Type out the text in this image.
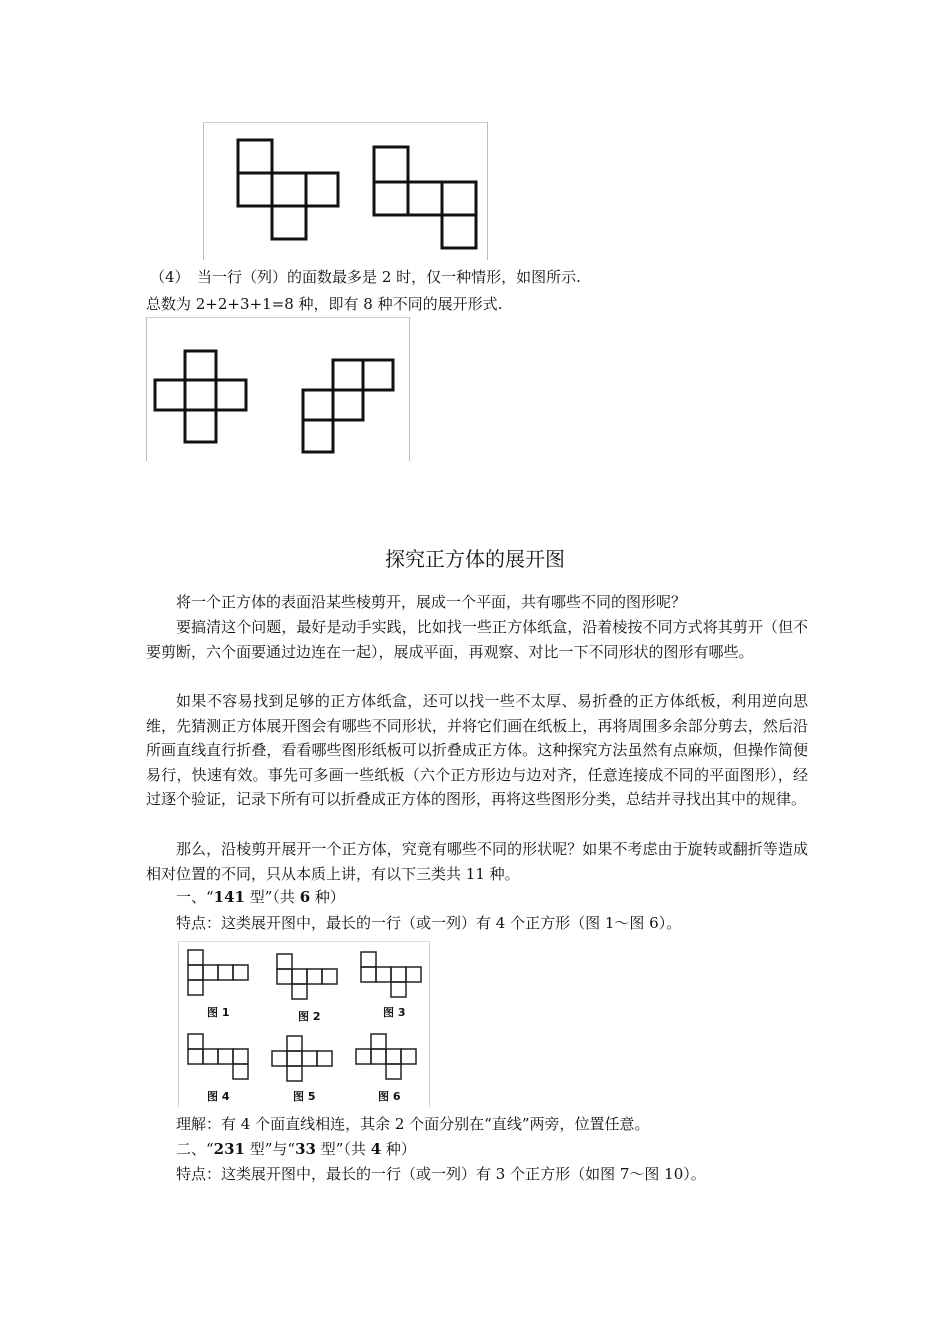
（4）　当一行（列）的面数最多是 2 时，仅一种情形，如图所示.
总数为 2+2+3+1=8 种，即有 8 种不同的展开形式.
探究正方体的展开图
将一个正方体的表面沿某些棱剪开，展成一个平面，共有哪些不同的图形呢？
要搞清这个问题，最好是动手实践，比如找一些正方体纸盒，沿着棱按不同方式将其剪开（但不要剪断，六个面要通过边连在一起），展成平面，再观察、对比一下不同形状的图形有哪些。
如果不容易找到足够的正方体纸盒，还可以找一些不太厚、易折叠的正方体纸板，利用逆向思维，先猜测正方体展开图会有哪些不同形状，并将它们画在纸板上，再将周围多余部分剪去，然后沿所画直线直行折叠，看看哪些图形纸板可以折叠成正方体。这种探究方法虽然有点麻烦，但操作简便易行，快速有效。事先可多画一些纸板（六个正方形边与边对齐，任意连接成不同的平面图形），经过逐个验证，记录下所有可以折叠成正方体的图形，再将这些图形分类，总结并寻找出其中的规律。
那么，沿棱剪开展开一个正方体，究竟有哪些不同的形状呢？如果不考虑由于旋转或翻折等造成相对位置的不同，只从本质上讲，有以下三类共 11 种。
一、“141 型”（共 6 种）
特点：这类展开图中，最长的一行（或一列）有 4 个正方形（图 1～图 6）。
图 1	图 2	图 3
图 4	图 5	图 6
理解：有 4 个面直线相连，其余 2 个面分别在“直线”两旁，位置任意。
二、“231 型”与“33 型”（共 4 种）
特点：这类展开图中，最长的一行（或一列）有 3 个正方形（如图 7～图 10）。
